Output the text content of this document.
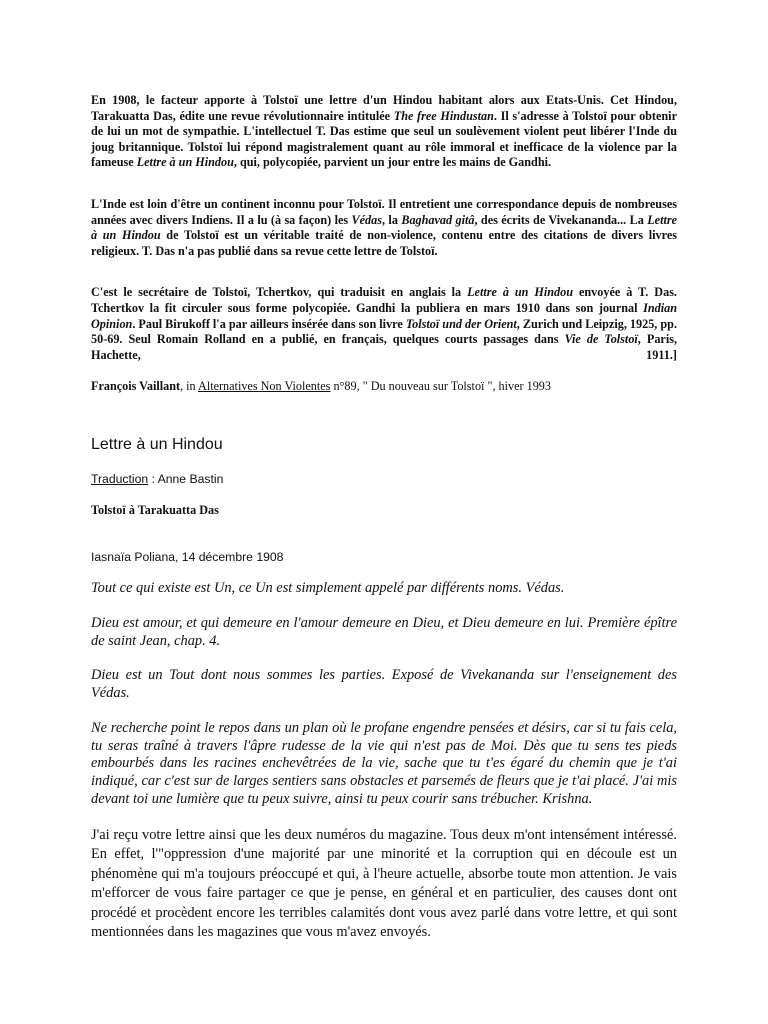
En 1908, le facteur apporte à Tolstoï une lettre d'un Hindou habitant alors aux Etats-Unis. Cet Hindou, Tarakuatta Das, édite une revue révolutionnaire intitulée The free Hindustan. Il s'adresse à Tolstoï pour obtenir de lui un mot de sympathie. L'intellectuel T. Das estime que seul un soulèvement violent peut libérer l'Inde du joug britannique. Tolstoï lui répond magistralement quant au rôle immoral et inefficace de la violence par la fameuse Lettre à un Hindou, qui, polycopiée, parvient un jour entre les mains de Gandhi.

L'Inde est loin d'être un continent inconnu pour Tolstoï. Il entretient une correspondance depuis de nombreuses années avec divers Indiens. Il a lu (à sa façon) les Védas, la Baghavad gitâ, des écrits de Vivekananda... La Lettre à un Hindou de Tolstoï est un véritable traité de non-violence, contenu entre des citations de divers livres religieux. T. Das n'a pas publié dans sa revue cette lettre de Tolstoï.

C'est le secrétaire de Tolstoï, Tchertkov, qui traduisit en anglais la Lettre à un Hindou envoyée à T. Das. Tchertkov la fit circuler sous forme polycopiée. Gandhi la publiera en mars 1910 dans son journal Indian Opinion. Paul Birukoff l'a par ailleurs insérée dans son livre Tolstoï und der Orient, Zurich und Leipzig, 1925, pp. 50-69. Seul Romain Rolland en a publié, en français, quelques courts passages dans Vie de Tolstoï, Paris, Hachette, 1911.]

François Vaillant, in Alternatives Non Violentes n°89, " Du nouveau sur Tolstoï ", hiver 1993

Lettre à un Hindou

Traduction : Anne Bastin

Tolstoï à Tarakuatta Das

Iasnaïa Poliana, 14 décembre 1908

Tout ce qui existe est Un, ce Un est simplement appelé par différents noms. Védas.

Dieu est amour, et qui demeure en l'amour demeure en Dieu, et Dieu demeure en lui. Première épître de saint Jean, chap. 4.

Dieu est un Tout dont nous sommes les parties. Exposé de Vivekananda sur l'enseignement des Védas.

Ne recherche point le repos dans un plan où le profane engendre pensées et désirs, car si tu fais cela, tu seras traîné à travers l'âpre rudesse de la vie qui n'est pas de Moi. Dès que tu sens tes pieds embourbés dans les racines enchevêtrées de la vie, sache que tu t'es égaré du chemin que je t'ai indiqué, car c'est sur de larges sentiers sans obstacles et parsemés de fleurs que je t'ai placé. J'ai mis devant toi une lumière que tu peux suivre, ainsi tu peux courir sans trébucher. Krishna.

J'ai reçu votre lettre ainsi que les deux numéros du magazine. Tous deux m'ont intensément intéressé. En effet, l'"oppression d'une majorité par une minorité et la corruption qui en découle est un phénomène qui m'a toujours préoccupé et qui, à l'heure actuelle, absorbe toute mon attention. Je vais m'efforcer de vous faire partager ce que je pense, en général et en particulier, des causes dont ont procédé et procèdent encore les terribles calamités dont vous avez parlé dans votre lettre, et qui sont mentionnées dans les magazines que vous m'avez envoyés.
